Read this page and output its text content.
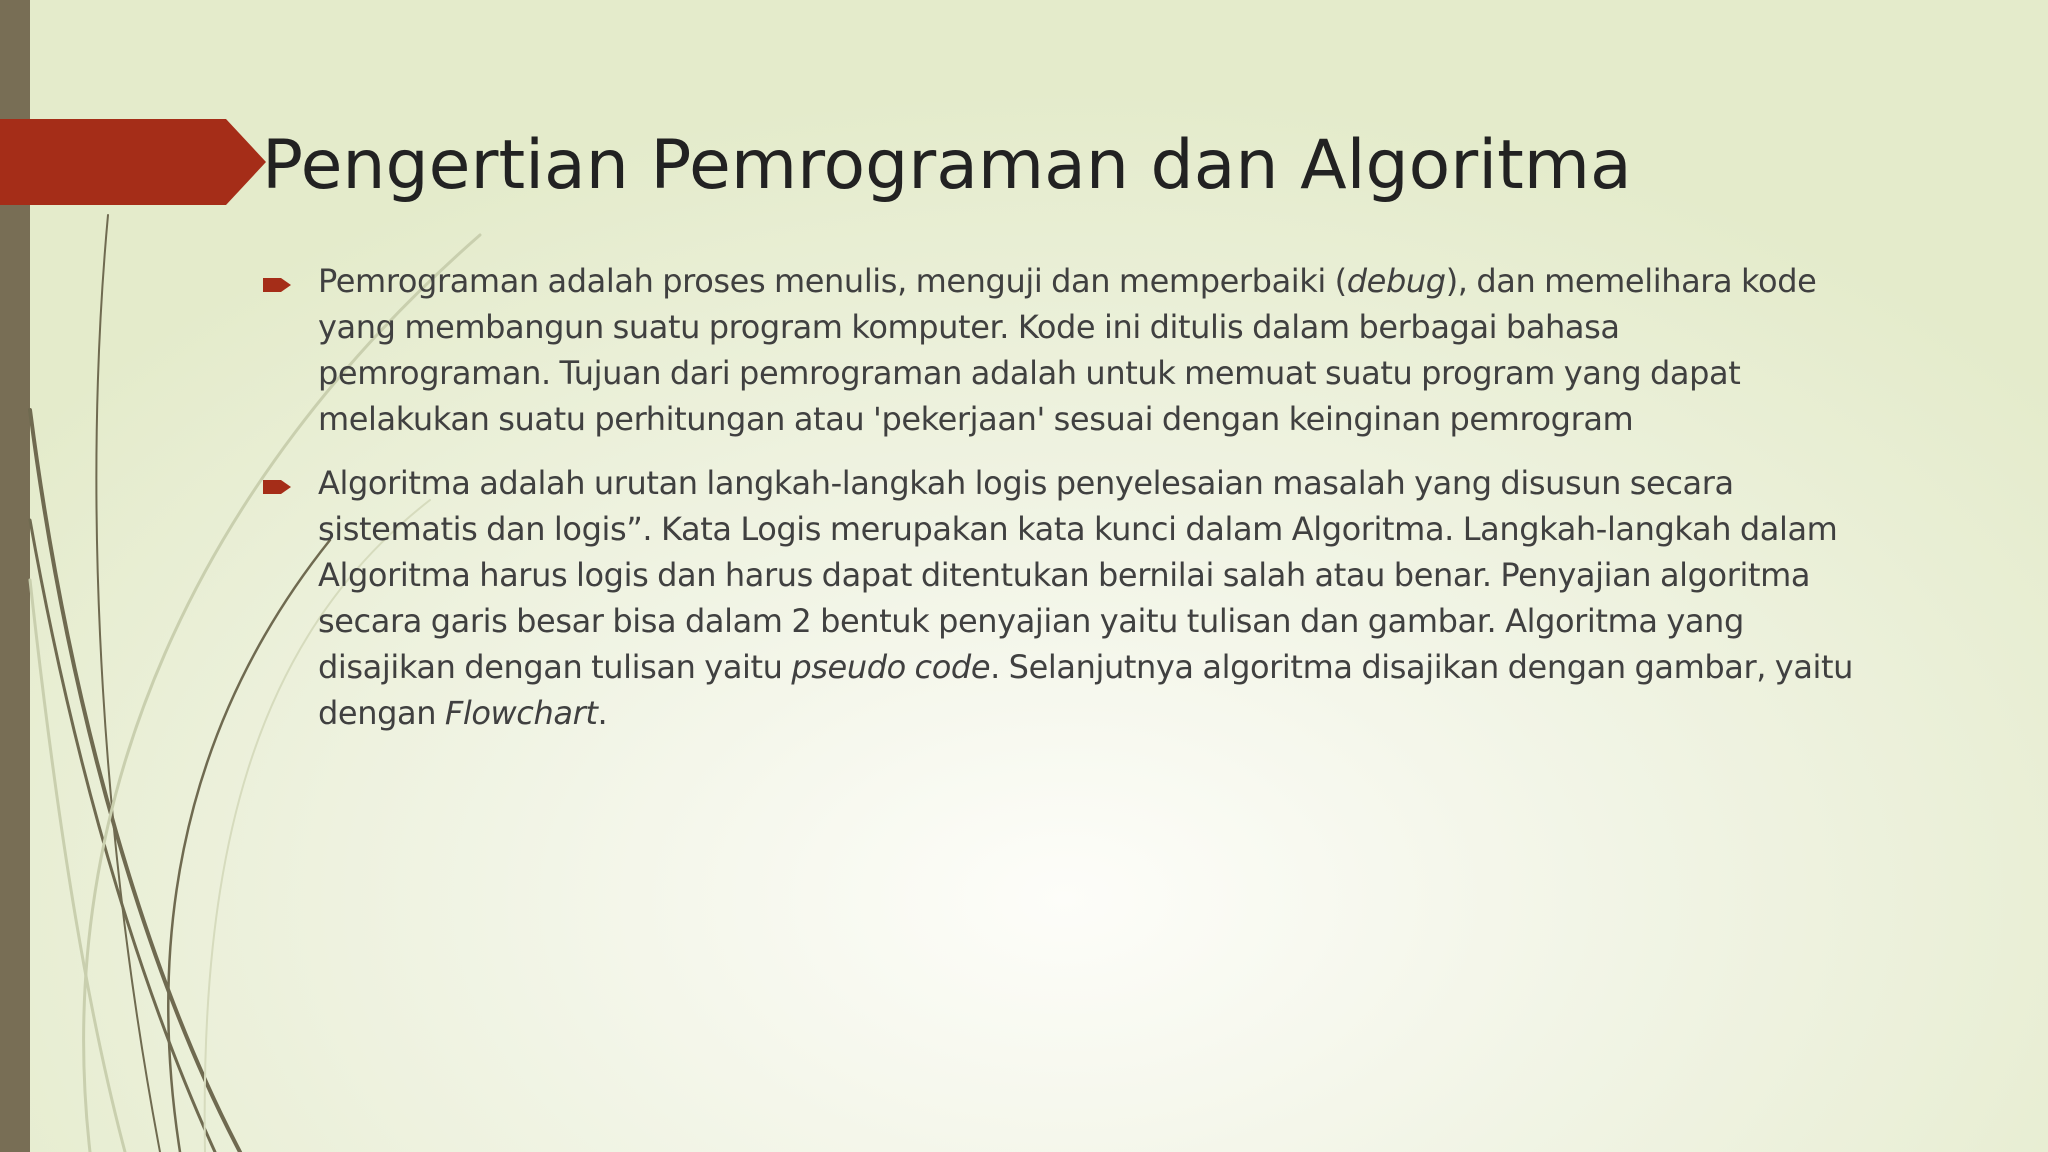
Pengertian Pemrograman dan Algoritma
Pemrograman adalah proses menulis, menguji dan memperbaiki (debug), dan memelihara kode yang membangun suatu program komputer. Kode ini ditulis dalam berbagai bahasa pemrograman. Tujuan dari pemrograman adalah untuk memuat suatu program yang dapat melakukan suatu perhitungan atau 'pekerjaan' sesuai dengan keinginan pemrogram
Algoritma adalah urutan langkah-langkah logis penyelesaian masalah yang disusun secara sistematis dan logis”. Kata Logis merupakan kata kunci dalam Algoritma. Langkah-langkah dalam Algoritma harus logis dan harus dapat ditentukan bernilai salah atau benar. Penyajian algoritma secara garis besar bisa dalam 2 bentuk penyajian yaitu tulisan dan gambar. Algoritma yang disajikan dengan tulisan yaitu pseudo code. Selanjutnya algoritma disajikan dengan gambar, yaitu dengan Flowchart.
